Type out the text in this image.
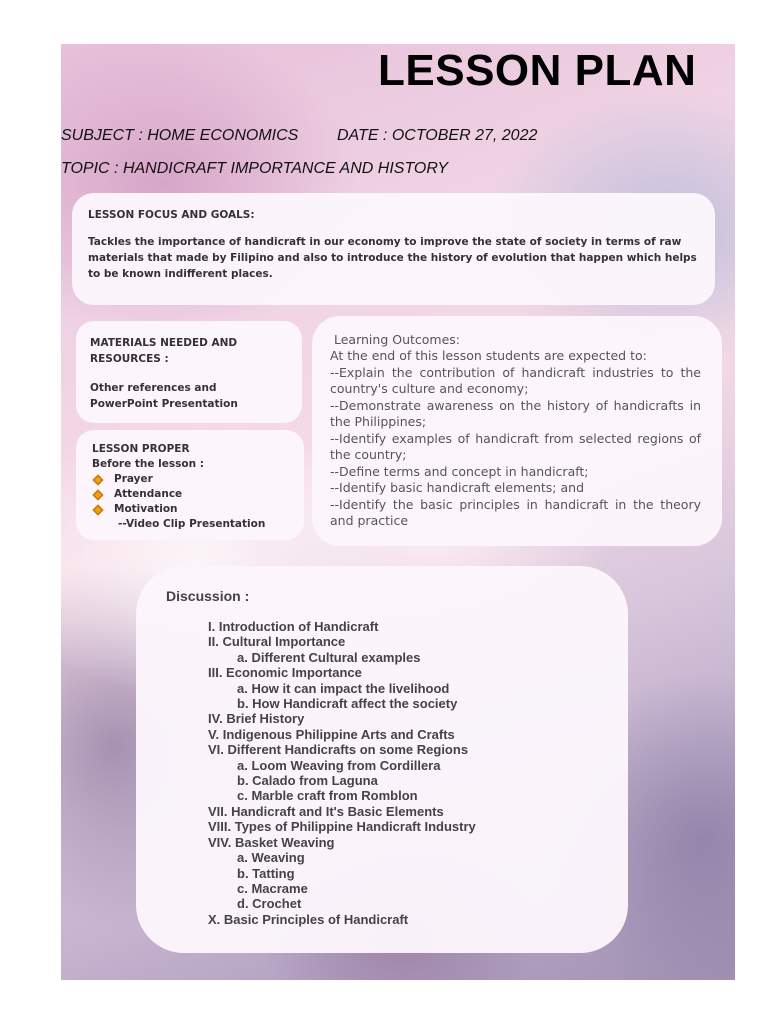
LESSON PLAN
SUBJECT : HOME ECONOMICS DATE : OCTOBER 27, 2022
TOPIC : HANDICRAFT IMPORTANCE AND HISTORY
LESSON FOCUS AND GOALS:
Tackles the importance of handicraft in our economy to improve the state of society in terms of raw materials that made by Filipino and also to introduce the history of evolution that happen which helps to be known indifferent places.
MATERIALS NEEDED AND RESOURCES :
Other references and PowerPoint Presentation
LESSON PROPER
Before the lesson :
Prayer
Attendance
Motivation
--Video Clip Presentation
Learning Outcomes:
At the end of this lesson students are expected to:
--Explain the contribution of handicraft industries to the country's culture and economy;
--Demonstrate awareness on the history of handicrafts in the Philippines;
--Identify examples of handicraft from selected regions of the country;
--Define terms and concept in handicraft;
--Identify basic handicraft elements; and
--Identify the basic principles in handicraft in the theory and practice
Discussion :
I. Introduction of Handicraft
II. Cultural Importance
a. Different Cultural examples
III. Economic Importance
a. How it can impact the livelihood
b. How Handicraft affect the society
IV. Brief History
V. Indigenous Philippine Arts and Crafts
VI. Different Handicrafts on some Regions
a. Loom Weaving from Cordillera
b. Calado from Laguna
c. Marble craft from Romblon
VII. Handicraft and It's Basic Elements
VIII. Types of Philippine Handicraft Industry
VIV. Basket Weaving
a. Weaving
b. Tatting
c. Macrame
d. Crochet
X. Basic Principles of Handicraft
